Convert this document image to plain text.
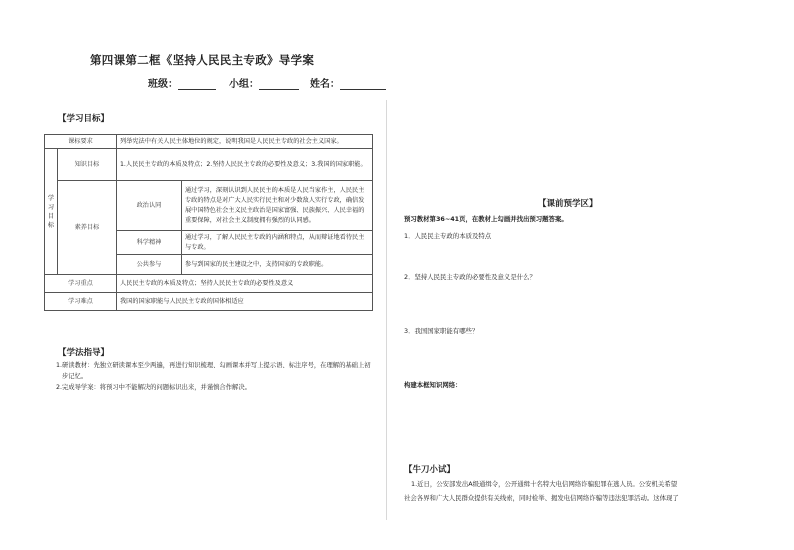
第四课第二框《坚持人民民主专政》导学案
班级：	小组：	姓名：
【学习目标】
课标要求		列举宪法中有关人民主体地位的规定，说明我国是人民民主专政的社会主义国家。	
学
习
目
标	知识目标	1.人民民主专政的本质及特点；2.坚持人民民主专政的必要性及意义；3.我国的国家职能。	
	素养目标	政治认同	通过学习，深刻认识到人民民主的本质是人民当家作主，人民民主专政的特点是对广大人民实行民主和对少数敌人实行专政，确信发展中国特色社会主义民主政治是国家富强、民族振兴、人民幸福的重要保障，对社会主义制度拥有强烈的认同感。
		科学精神	通过学习，了解人民民主专政的内涵和特点，从而辩证地看待民主与专政。
		公共参与	参与到国家的民主建设之中，支持国家的专政职能。
学习重点		人民民主专政的本质及特点；坚持人民民主专政的必要性及意义	
学习难点		我国的国家职能与人民民主专政的国体相适应	
【学法指导】
1.研读教材：先独立研读课本至少两遍，再进行知识梳理、勾画课本并写上提示语、标注序号，在理解的基础上初步记忆。
2.完成导学案：将预习中不能解决的问题标识出来，并谨慎合作解决。
【课前预学区】
预习教材第36~41页，在教材上勾画并找出预习题答案。
1．人民民主专政的本质及特点
2．坚持人民民主专政的必要性及意义是什么？
3．我国国家职能有哪些？
构建本框知识网络：
【牛刀小试】
1.近日，公安部发出A级通缉令，公开通缉十名特大电信网络诈骗犯罪在逃人员。公安机关希望
社会各界和广大人民群众提供有关线索，同时检举、揭发电信网络诈骗等违法犯罪活动。这体现了
